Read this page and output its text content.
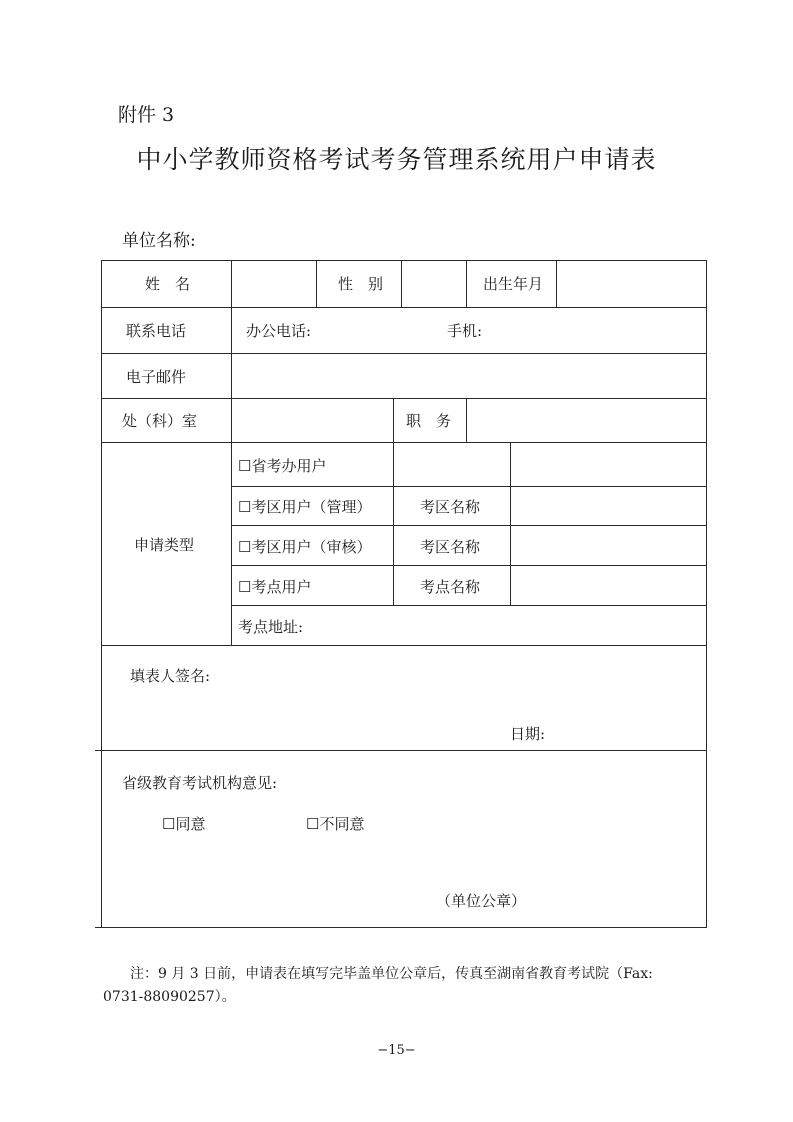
附件 3
中小学教师资格考试考务管理系统用户申请表
单位名称:
姓　名	性　别	出生年月
联系电话	办公电话:	手机:
电子邮件
处（科）室	职　务
申请类型
☐省考办用户
☐考区用户（管理）	考区名称
☐考区用户（审核）	考区名称
☐考点用户	考点名称
考点地址:
填表人签名:
日期:
省级教育考试机构意见:
☐同意	☐不同意
（单位公章）
注：9 月 3 日前，申请表在填写完毕盖单位公章后，传真至湖南省教育考试院（Fax:
0731-88090257）。
−15−
